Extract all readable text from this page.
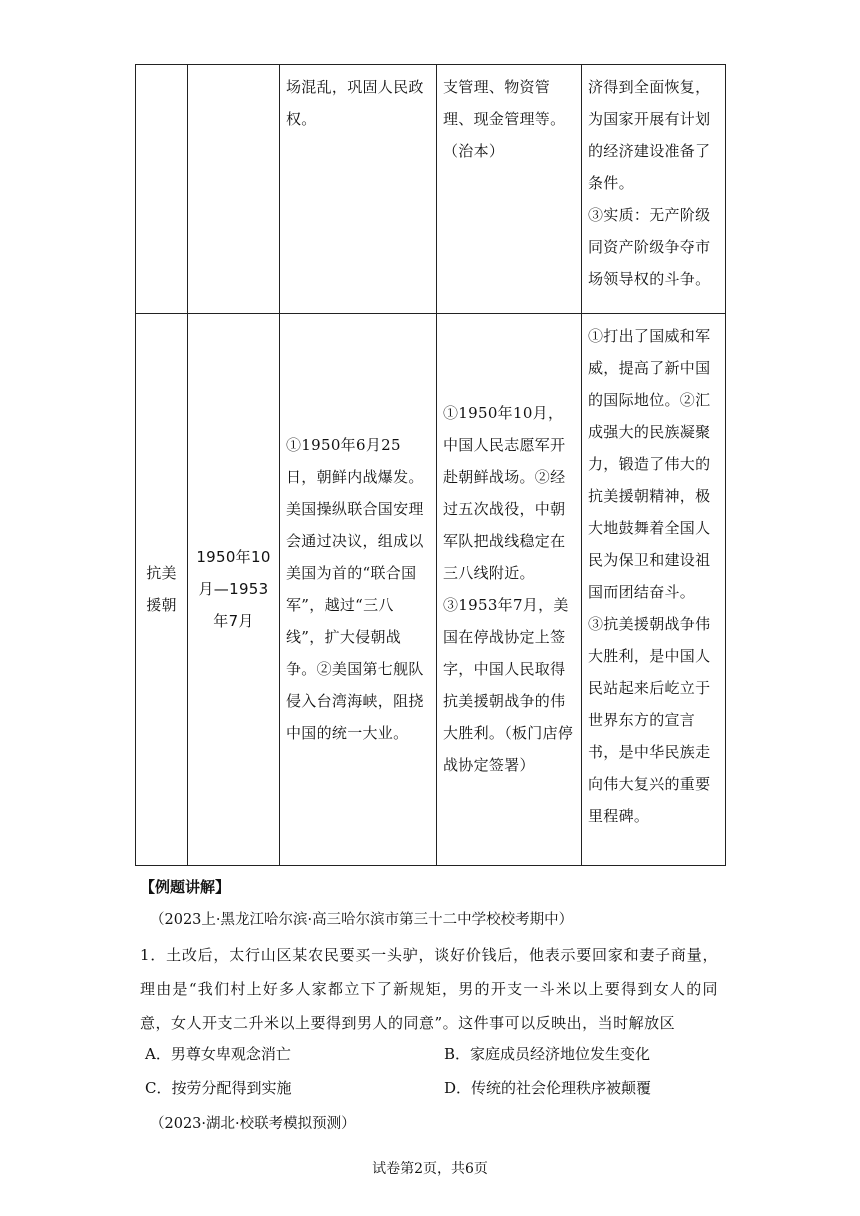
		场混乱，巩固人民政权。	支管理、物资管理、现金管理等。（治本）	济得到全面恢复，为国家开展有计划的经济建设准备了条件。
③实质：无产阶级同资产阶级争夺市场领导权的斗争。

抗美援朝	1950年10月—1953年7月	①1950年6月25日，朝鲜内战爆发。美国操纵联合国安理会通过决议，组成以美国为首的“联合国军”，越过“三八线”，扩大侵朝战争。②美国第七舰队侵入台湾海峡，阻挠中国的统一大业。	①1950年10月，中国人民志愿军开赴朝鲜战场。②经过五次战役，中朝军队把战线稳定在三八线附近。
③1953年7月，美国在停战协定上签字，中国人民取得抗美援朝战争的伟大胜利。（板门店停战协定签署）	①打出了国威和军威，提高了新中国的国际地位。②汇成强大的民族凝聚力，锻造了伟大的抗美援朝精神，极大地鼓舞着全国人民为保卫和建设祖国而团结奋斗。
③抗美援朝战争伟大胜利，是中国人民站起来后屹立于世界东方的宣言书，是中华民族走向伟大复兴的重要里程碑。
【例题讲解】
（2023上·黑龙江哈尔滨·高三哈尔滨市第三十二中学校校考期中）
1．土改后，太行山区某农民要买一头驴，谈好价钱后，他表示要回家和妻子商量，理由是“我们村上好多人家都立下了新规矩，男的开支一斗米以上要得到女人的同意，女人开支二升米以上要得到男人的同意”。这件事可以反映出，当时解放区
A．男尊女卑观念消亡	B．家庭成员经济地位发生变化
C．按劳分配得到实施	D．传统的社会伦理秩序被颠覆
（2023·湖北·校联考模拟预测）
试卷第2页，共6页
